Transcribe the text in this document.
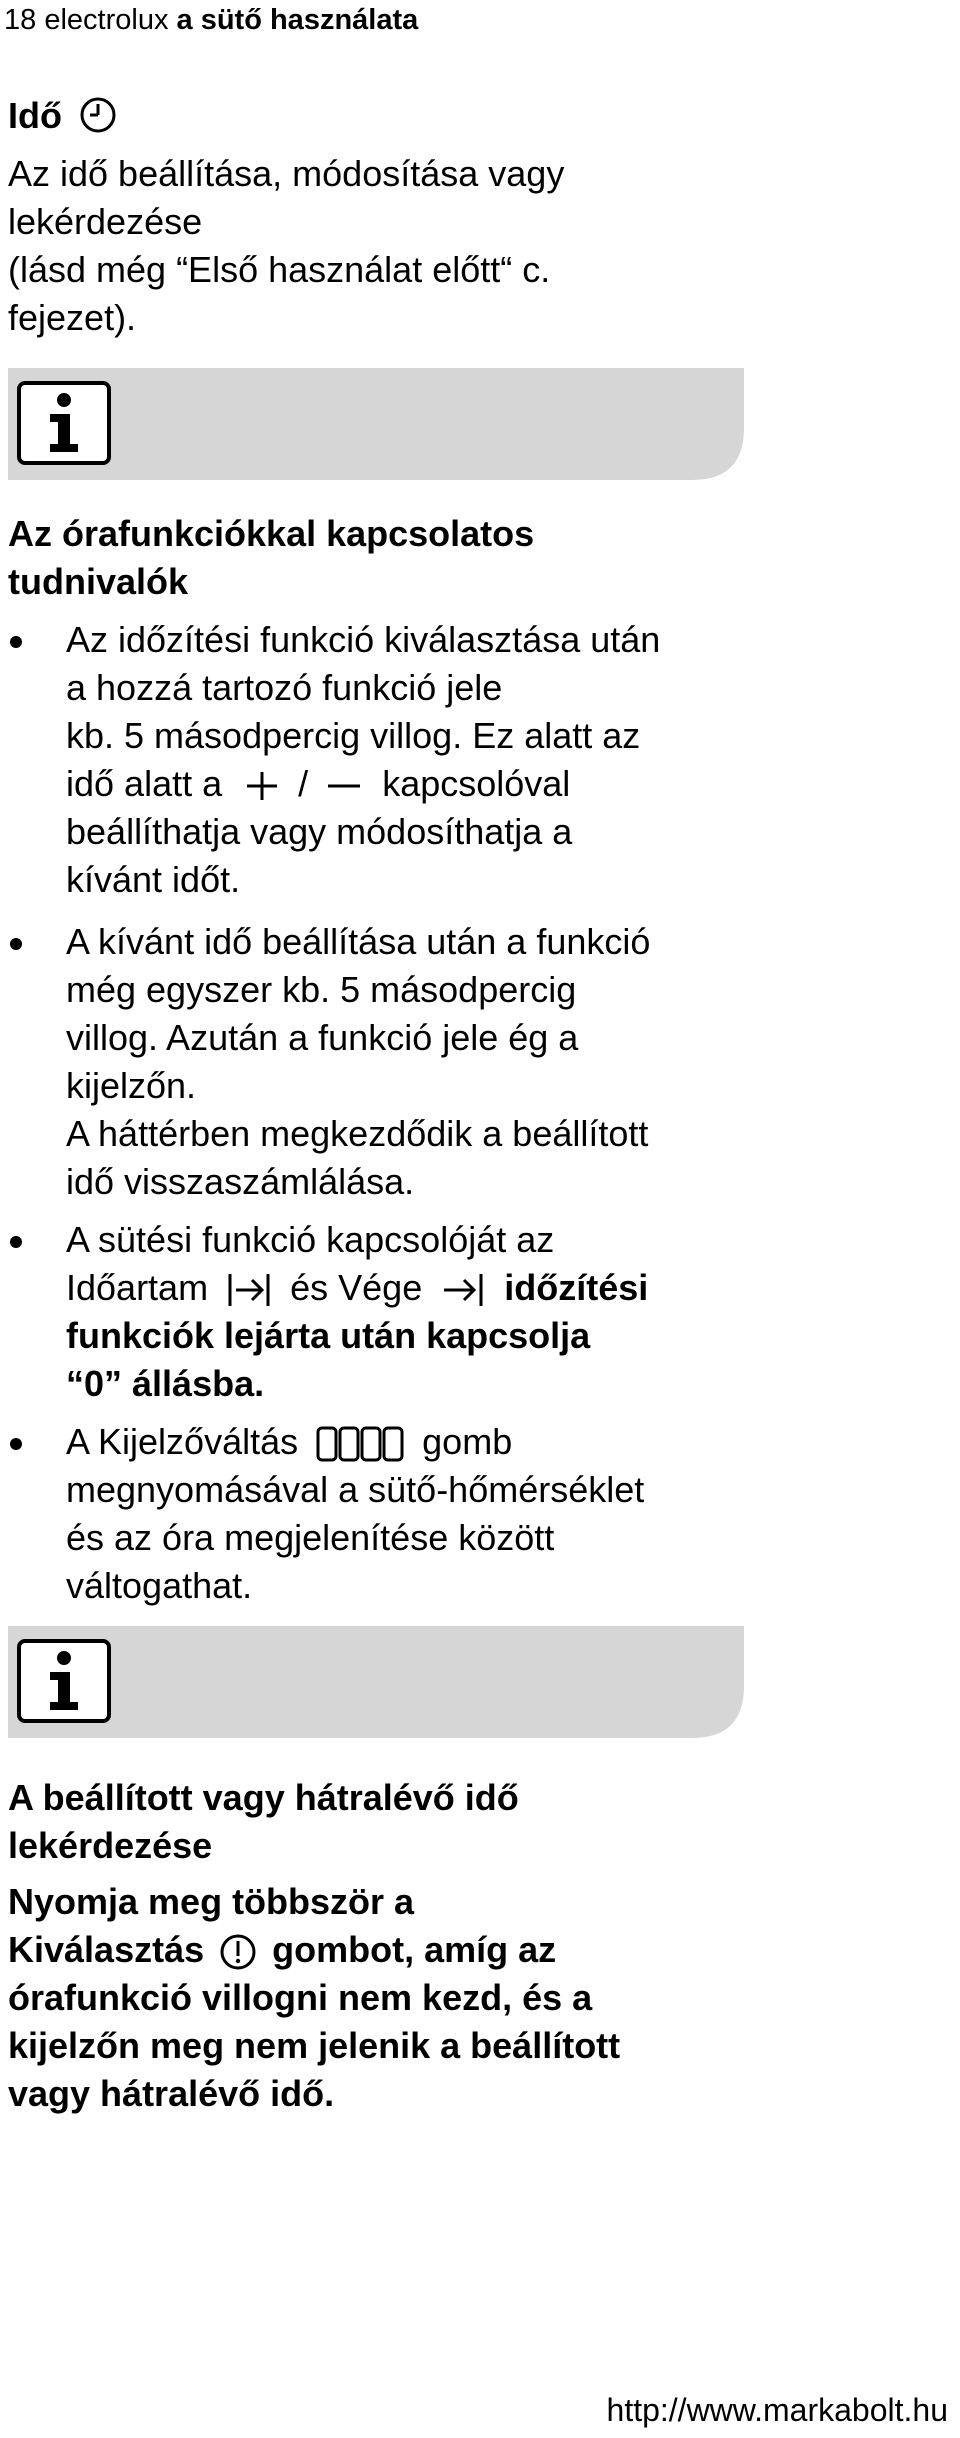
18 electrolux a sütő használata
Idő
Az idő beállítása, módosítása vagy
lekérdezése
(lásd még “Első használat előtt“ c.
fejezet).
Az órafunkciókkal kapcsolatos
tudnivalók
Az időzítési funkció kiválasztása után
a hozzá tartozó funkció jele
kb. 5 másodpercig villog. Ez alatt az
idő alatt a / kapcsolóval
beállíthatja vagy módosíthatja a
kívánt időt.
A kívánt idő beállítása után a funkció
még egyszer kb. 5 másodpercig
villog. Azután a funkció jele ég a
kijelzőn.
A háttérben megkezdődik a beállított
idő visszaszámlálása.
A sütési funkció kapcsolóját az
Időartam és Vége időzítési
funkciók lejárta után kapcsolja
“0” állásba.
A Kijelzőváltás	gomb
megnyomásával a sütő-hőmérséklet
és az óra megjelenítése között
váltogathat.
A beállított vagy hátralévő idő
lekérdezése
Nyomja meg többször a
Kiválasztás gombot, amíg az
órafunkció villogni nem kezd, és a
kijelzőn meg nem jelenik a beállított
vagy hátralévő idő.
http://www.markabolt.hu
